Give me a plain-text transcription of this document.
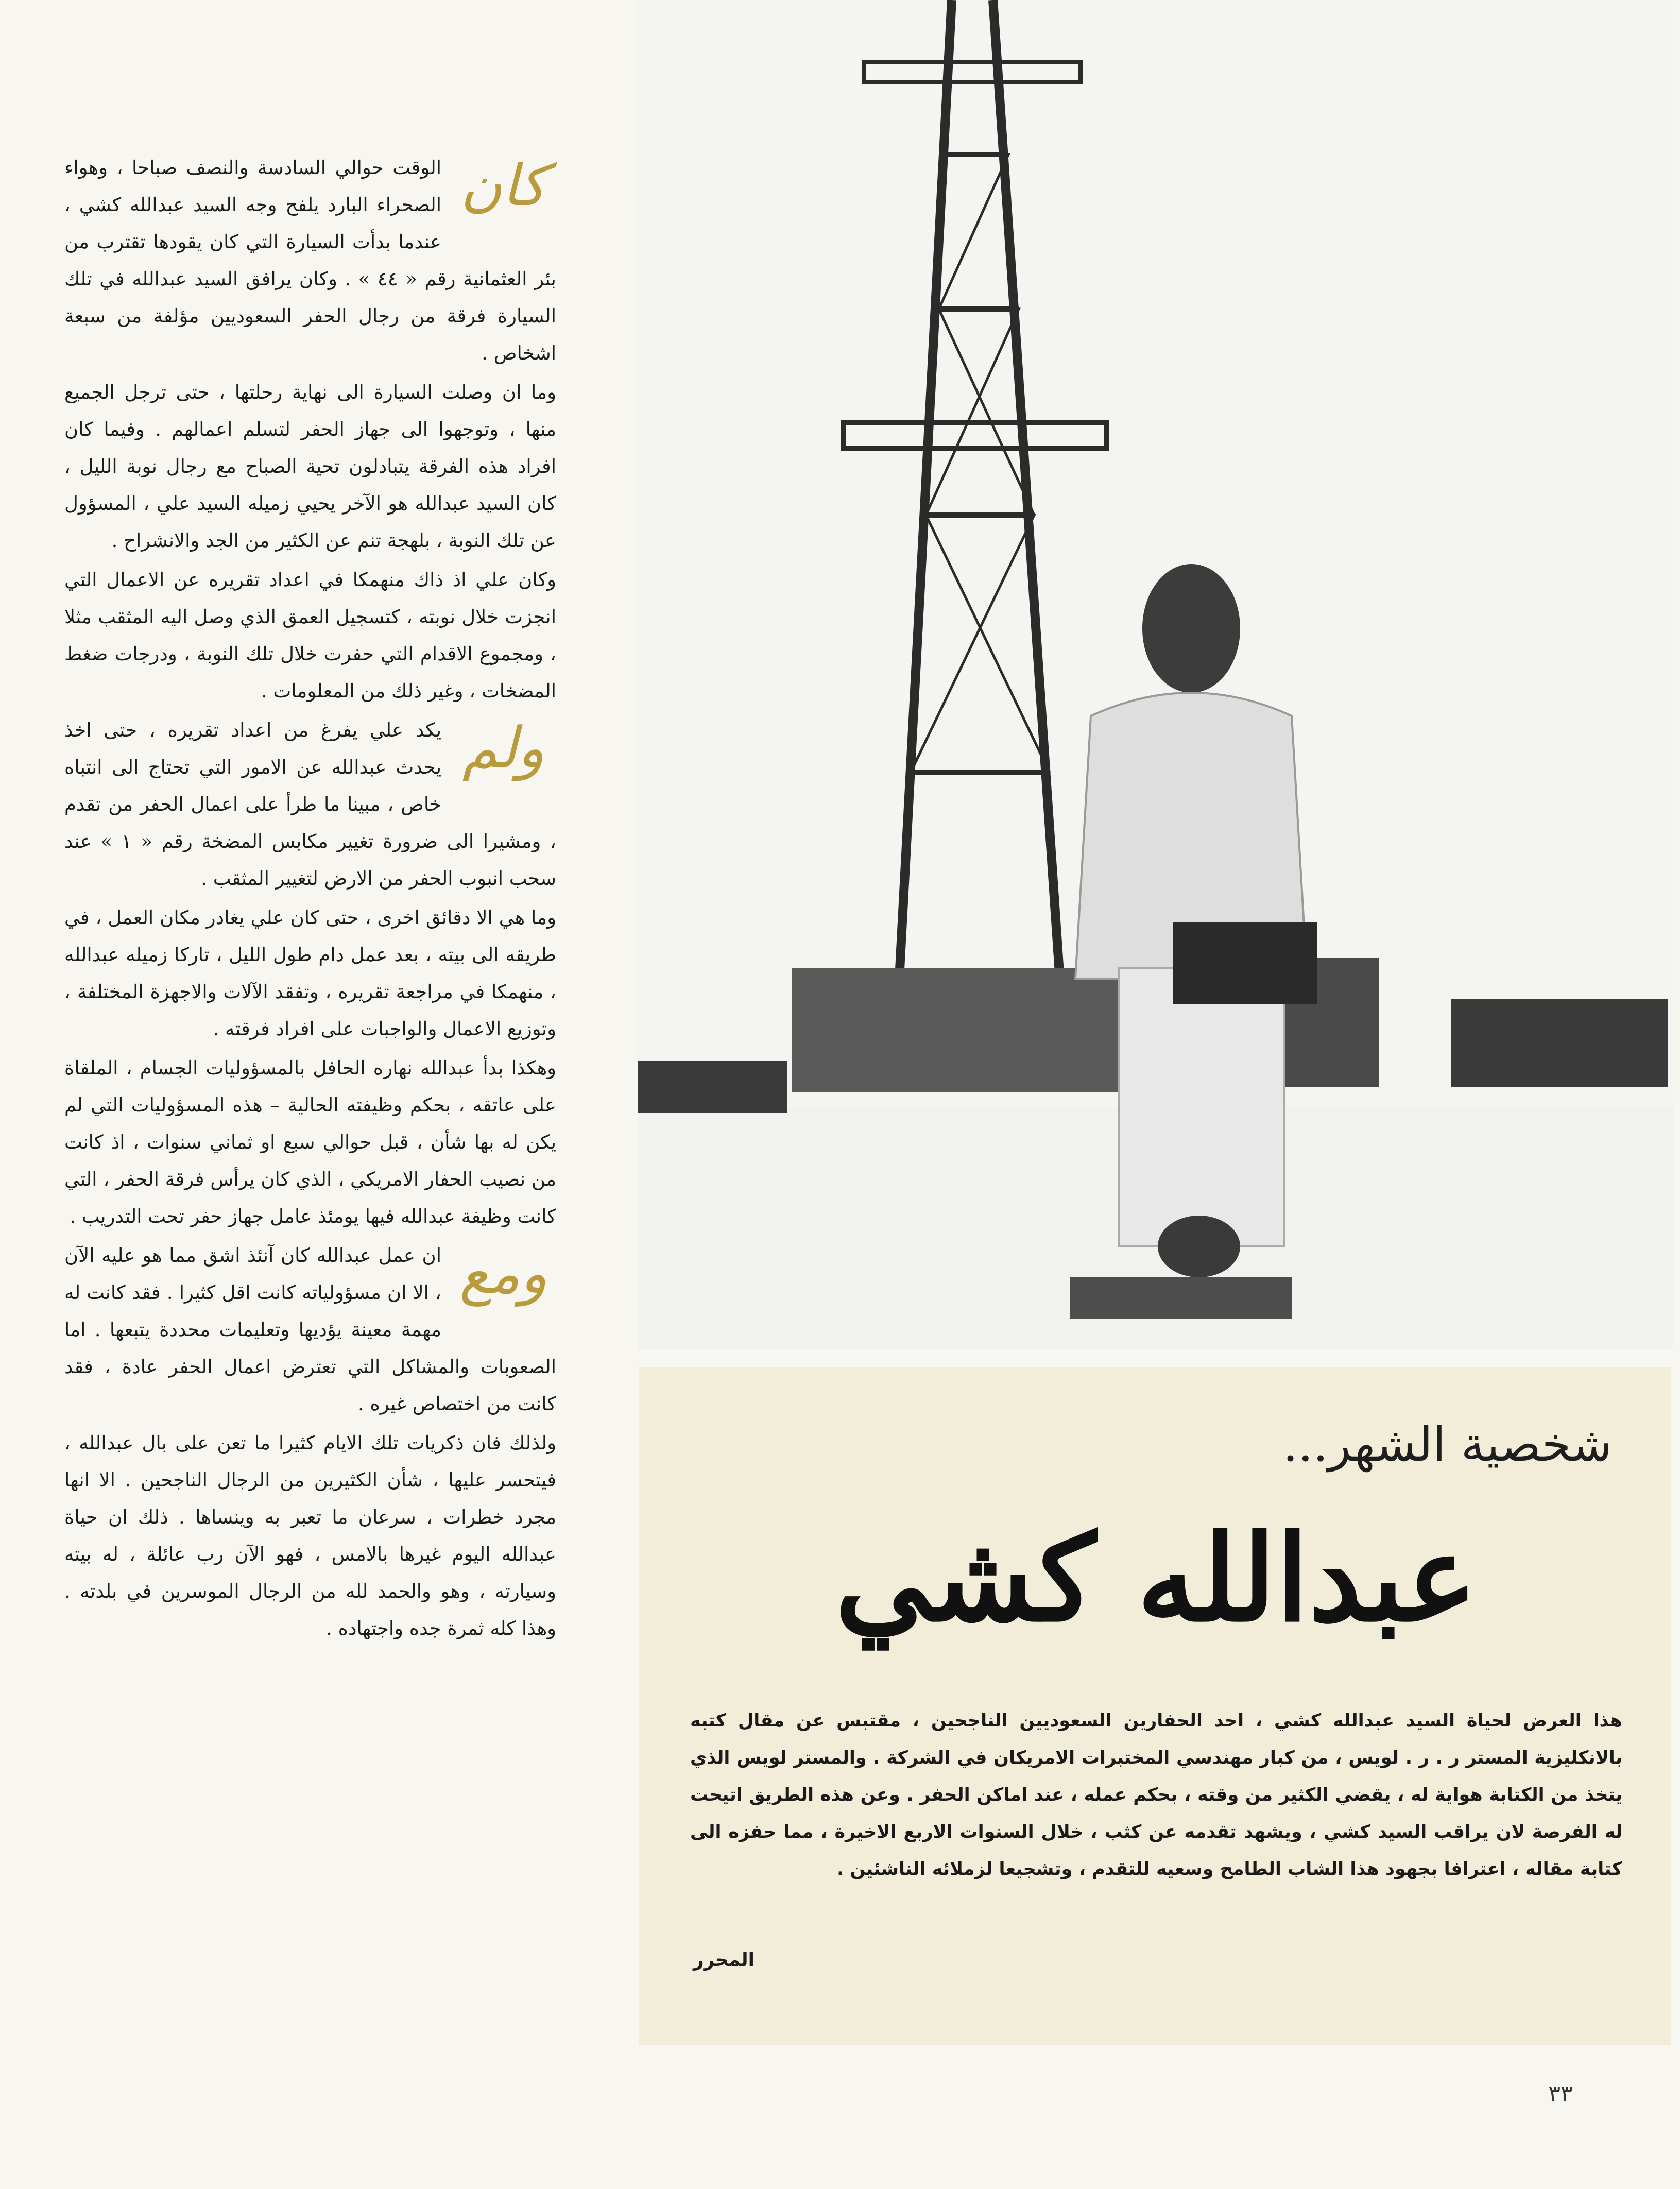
كان
الوقت حوالي السادسة والنصف صباحا ، وهواء الصحراء البارد يلفح وجه السيد عبدالله كشي ، عندما بدأت السيارة التي كان يقودها تقترب من بئر العثمانية رقم « ٤٤ » . وكان يرافق السيد عبدالله في تلك السيارة فرقة من رجال الحفر السعوديين مؤلفة من سبعة اشخاص .

وما ان وصلت السيارة الى نهاية رحلتها ، حتى ترجل الجميع منها ، وتوجهوا الى جهاز الحفر لتسلم اعمالهم . وفيما كان افراد هذه الفرقة يتبادلون تحية الصباح مع رجال نوبة الليل ، كان السيد عبدالله هو الآخر يحيي زميله السيد علي ، المسؤول عن تلك النوبة ، بلهجة تنم عن الكثير من الجد والانشراح .

وكان علي اذ ذاك منهمكا في اعداد تقريره عن الاعمال التي انجزت خلال نوبته ، كتسجيل العمق الذي وصل اليه المثقب مثلا ، ومجموع الاقدام التي حفرت خلال تلك النوبة ، ودرجات ضغط المضخات ، وغير ذلك من المعلومات .

ولم
يكد علي يفرغ من اعداد تقريره ، حتى اخذ يحدث عبدالله عن الامور التي تحتاج الى انتباه خاص ، مبينا ما طرأ على اعمال الحفر من تقدم ، ومشيرا الى ضرورة تغيير مكابس المضخة رقم « ١ » عند سحب انبوب الحفر من الارض لتغيير المثقب .

وما هي الا دقائق اخرى ، حتى كان علي يغادر مكان العمل ، في طريقه الى بيته ، بعد عمل دام طول الليل ، تاركا زميله عبدالله ، منهمكا في مراجعة تقريره ، وتفقد الآلات والاجهزة المختلفة ، وتوزيع الاعمال والواجبات على افراد فرقته .

وهكذا بدأ عبدالله نهاره الحافل بالمسؤوليات الجسام ، الملقاة على عاتقه ، بحكم وظيفته الحالية – هذه المسؤوليات التي لم يكن له بها شأن ، قبل حوالي سبع او ثماني سنوات ، اذ كانت من نصيب الحفار الامريكي ، الذي كان يرأس فرقة الحفر ، التي كانت وظيفة عبدالله فيها يومئذ عامل جهاز حفر تحت التدريب .

ومع
ان عمل عبدالله كان آنئذ اشق مما هو عليه الآن ، الا ان مسؤولياته كانت اقل كثيرا . فقد كانت له مهمة معينة يؤديها وتعليمات محددة يتبعها . اما الصعوبات والمشاكل التي تعترض اعمال الحفر عادة ، فقد كانت من اختصاص غيره .

ولذلك فان ذكريات تلك الايام كثيرا ما تعن على بال عبدالله ، فيتحسر عليها ، شأن الكثيرين من الرجال الناجحين . الا انها مجرد خطرات ، سرعان ما تعبر به وينساها . ذلك ان حياة عبدالله اليوم غيرها بالامس ، فهو الآن رب عائلة ، له بيته وسيارته ، وهو والحمد لله من الرجال الموسرين في بلدته . وهذا كله ثمرة جده واجتهاده .

شخصية الشهر...
عبدالله كشي
هذا العرض لحياة السيد عبدالله كشي ، احد الحفارين السعوديين الناجحين ، مقتبس عن مقال كتبه بالانكليزية المستر ر . ر . لويس ، من كبار مهندسي المختبرات الامريكان في الشركة . والمستر لويس الذي يتخذ من الكتابة هواية له ، يقضي الكثير من وقته ، بحكم عمله ، عند اماكن الحفر . وعن هذه الطريق اتيحت له الفرصة لان يراقب السيد كشي ، ويشهد تقدمه عن كثب ، خلال السنوات الاربع الاخيرة ، مما حفزه الى كتابة مقاله ، اعترافا بجهود هذا الشاب الطامح وسعيه للتقدم ، وتشجيعا لزملائه الناشئين .
المحرر
٣٣
